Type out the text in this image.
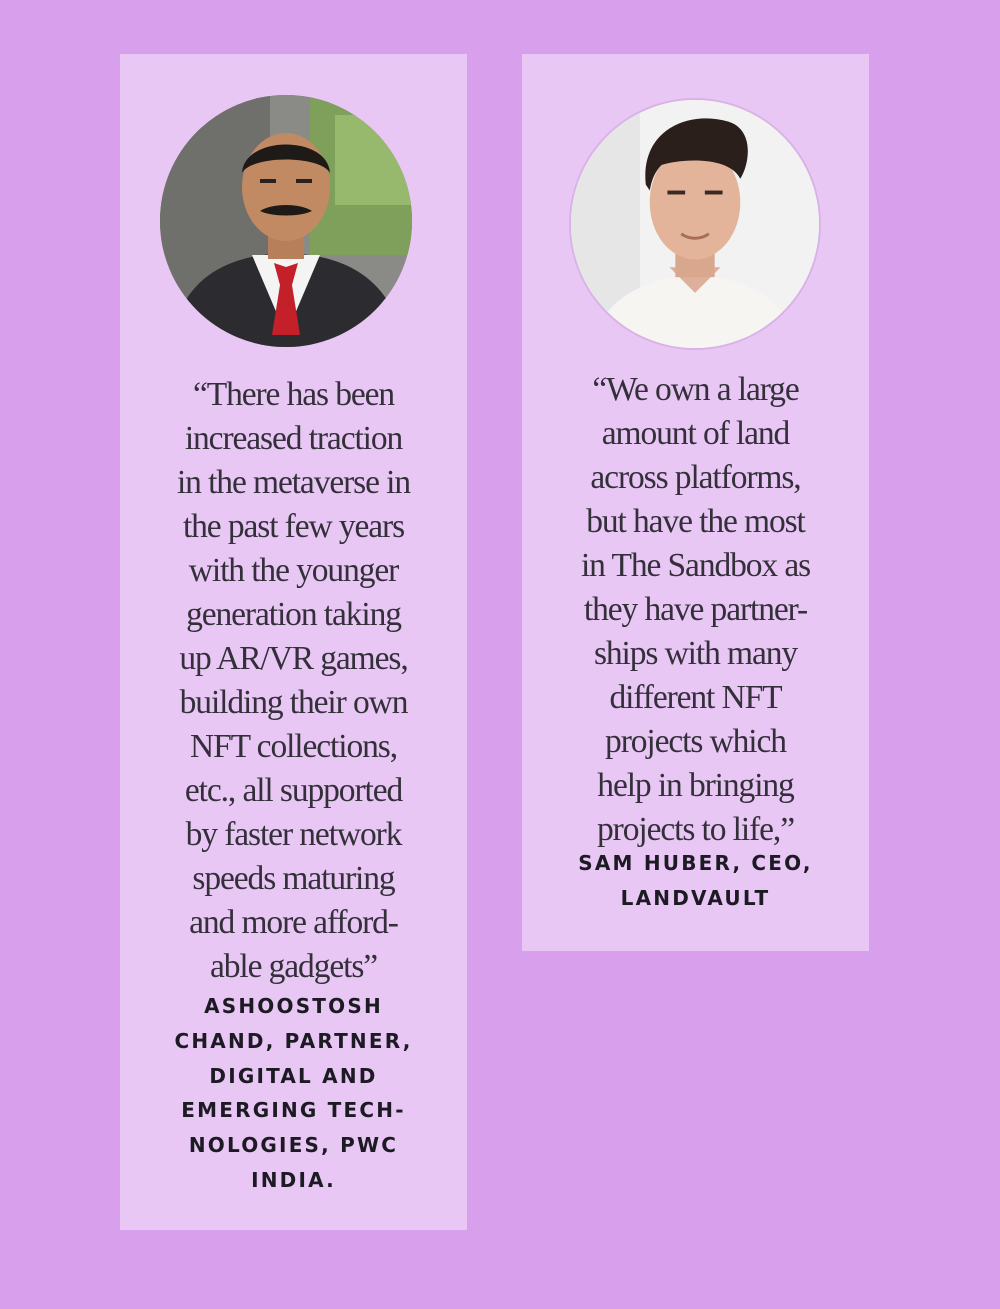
“There has been
increased traction
in the metaverse in
the past few years
with the younger
generation taking
up AR/VR games,
building their own
NFT collections,
etc., all supported
by faster network
speeds maturing
and more afford-
able gadgets”

ASHOOSTOSH
CHAND, PARTNER,
DIGITAL AND
EMERGING TECH-
NOLOGIES, PWC
INDIA.

“We own a large
amount of land
across platforms,
but have the most
in The Sandbox as
they have partner-
ships with many
different NFT
projects which
help in bringing
projects to life,”

SAM HUBER, CEO,
LANDVAULT
